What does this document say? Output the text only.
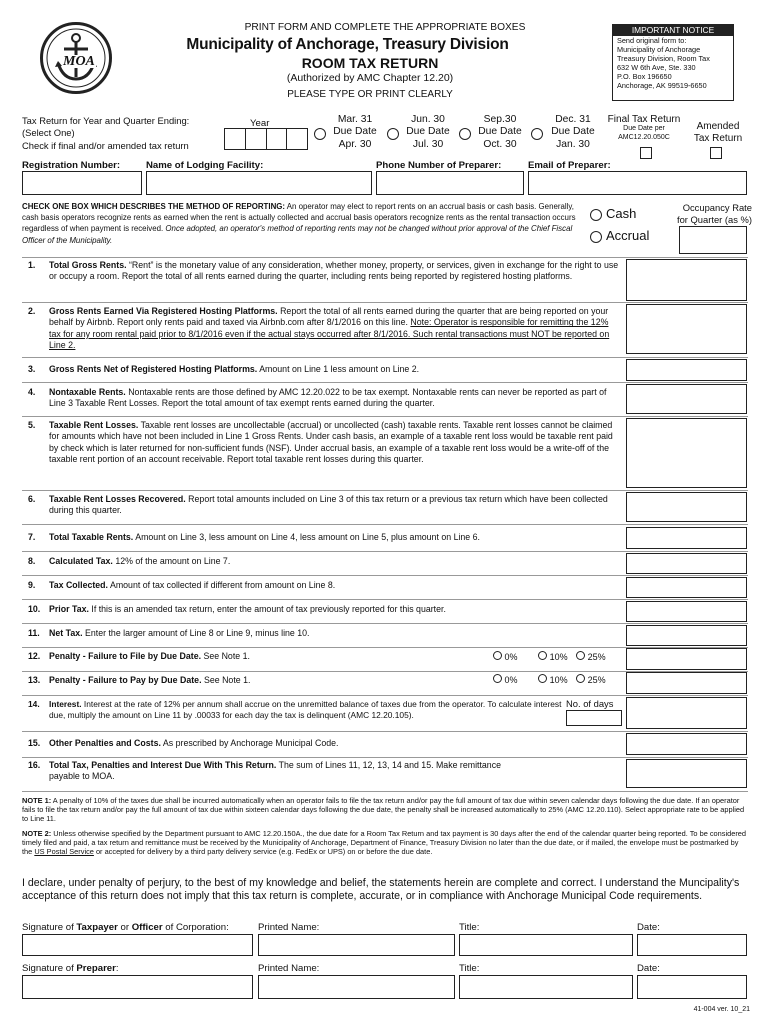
MOA
PRINT FORM AND COMPLETE THE APPROPRIATE BOXES
Municipality of Anchorage, Treasury Division
ROOM TAX RETURN
(Authorized by AMC Chapter 12.20)
PLEASE TYPE OR PRINT CLEARLY
IMPORTANT NOTICE
Send original form to:
Municipality of Anchorage
Treasury Division, Room Tax
632 W 6th Ave, Ste. 330
P.O. Box 196650
Anchorage, AK 99519-6650
Tax Return for Year and Quarter Ending:
(Select One)
Check if final and/or amended tax return
Year	Mar. 31
Due Date
Apr. 30
Jun. 30
Due Date
Jul. 30
Sep.30
Due Date
Oct. 30
Dec. 31
Due Date
Jan. 30
Final Tax Return
Due Date per
AMC12.20.050C
Amended
Tax Return
Registration Number:	Name of Lodging Facility:	Phone Number of Preparer:	Email of Preparer:
CHECK ONE BOX WHICH DESCRIBES THE METHOD OF REPORTING: An operator may elect to report rents on an accrual basis or cash basis. Generally, cash basis operators recognize rents as earned when the rent is actually collected and accrual basis operators recognize rents as the rental transaction occurs regardless of when payment is received. Once adopted, an operator's method of reporting rents may not be changed without prior approval of the Chief Fiscal Officer of the Municipality.
Cash
Accrual
Occupancy Rate
for Quarter (as %)
1. Total Gross Rents. “Rent” is the monetary value of any consideration, whether money, property, or services, given in exchange for the right to use or occupy a room. Report the total of all rents earned during the quarter, including rents being reported by registered hosting platforms.
2. Gross Rents Earned Via Registered Hosting Platforms. Report the total of all rents earned during the quarter that are being reported on your behalf by Airbnb. Report only rents paid and taxed via Airbnb.com after 8/1/2016 on this line. Note: Operator is responsible for remitting the 12% tax for any room rental paid prior to 8/1/2016 even if the actual stays occurred after 8/1/2016. Such rental transactions must NOT be reported on Line 2.
3. Gross Rents Net of Registered Hosting Platforms. Amount on Line 1 less amount on Line 2.
4. Nontaxable Rents. Nontaxable rents are those defined by AMC 12.20.022 to be tax exempt. Nontaxable rents can never be reported as part of Line 3 Taxable Rent Losses. Report the total amount of tax exempt rents earned during the quarter.
5. Taxable Rent Losses. Taxable rent losses are uncollectable (accrual) or uncollected (cash) taxable rents. Taxable rent losses cannot be claimed for amounts which have not been included in Line 1 Gross Rents. Under cash basis, an example of a taxable rent loss would be taxable rent paid by check which is later returned for non-sufficient funds (NSF). Under accrual basis, an example of a taxable rent loss would be a write-off of the taxable rent portion of an account receivable. Report total taxable rent losses during this quarter.
6. Taxable Rent Losses Recovered. Report total amounts included on Line 3 of this tax return or a previous tax return which have been collected during this quarter.
7. Total Taxable Rents. Amount on Line 3, less amount on Line 4, less amount on Line 5, plus amount on Line 6.
8. Calculated Tax. 12% of the amount on Line 7.
9. Tax Collected. Amount of tax collected if different from amount on Line 8.
10. Prior Tax. If this is an amended tax return, enter the amount of tax previously reported for this quarter.
11. Net Tax. Enter the larger amount of Line 8 or Line 9, minus line 10.
12. Penalty - Failure to File by Due Date. See Note 1.	0%	10% 25%
13. Penalty - Failure to Pay by Due Date. See Note 1.	0%	10% 25%
14. Interest. Interest at the rate of 12% per annum shall accrue on the unremitted balance of taxes due from the operator. To calculate interest due, multiply the amount on Line 11 by .00033 for each day the tax is delinquent (AMC 12.20.105).
No. of days
15. Other Penalties and Costs. As prescribed by Anchorage Municipal Code.
16. Total Tax, Penalties and Interest Due With This Return. The sum of Lines 11, 12, 13, 14 and 15. Make remittance payable to MOA.
NOTE 1: A penalty of 10% of the taxes due shall be incurred automatically when an operator fails to file the tax return and/or pay the full amount of tax due within seven calendar days following the due date. If an operator fails to file the tax return and/or pay the full amount of tax due within sixteen calendar days following the due date, the penalty shall be increased automatically to 25% (AMC 12.20.110). Select appropriate rate to be applied to Line 11.
NOTE 2: Unless otherwise specified by the Department pursuant to AMC 12.20.150A., the due date for a Room Tax Return and tax payment is 30 days after the end of the calendar quarter being reported. To be considered timely filed and paid, a tax return and remittance must be received by the Municipality of Anchorage, Department of Finance, Treasury Division no later than the due date, or if mailed, the envelope must be postmarked by the US Postal Service or accepted for delivery by a third party delivery service (e.g. FedEx or UPS) on or before the due date.
I declare, under penalty of perjury, to the best of my knowledge and belief, the statements herein are complete and correct. I understand the Muncipality's acceptance of this return does not imply that this tax return is complete, accurate, or in compliance with Anchorage Municipal Code requirements.
Signature of Taxpayer or Officer of Corporation:	Printed Name:	Title:	Date:
Signature of Preparer:	Printed Name:	Title:	Date:
41-004 ver. 10_21
